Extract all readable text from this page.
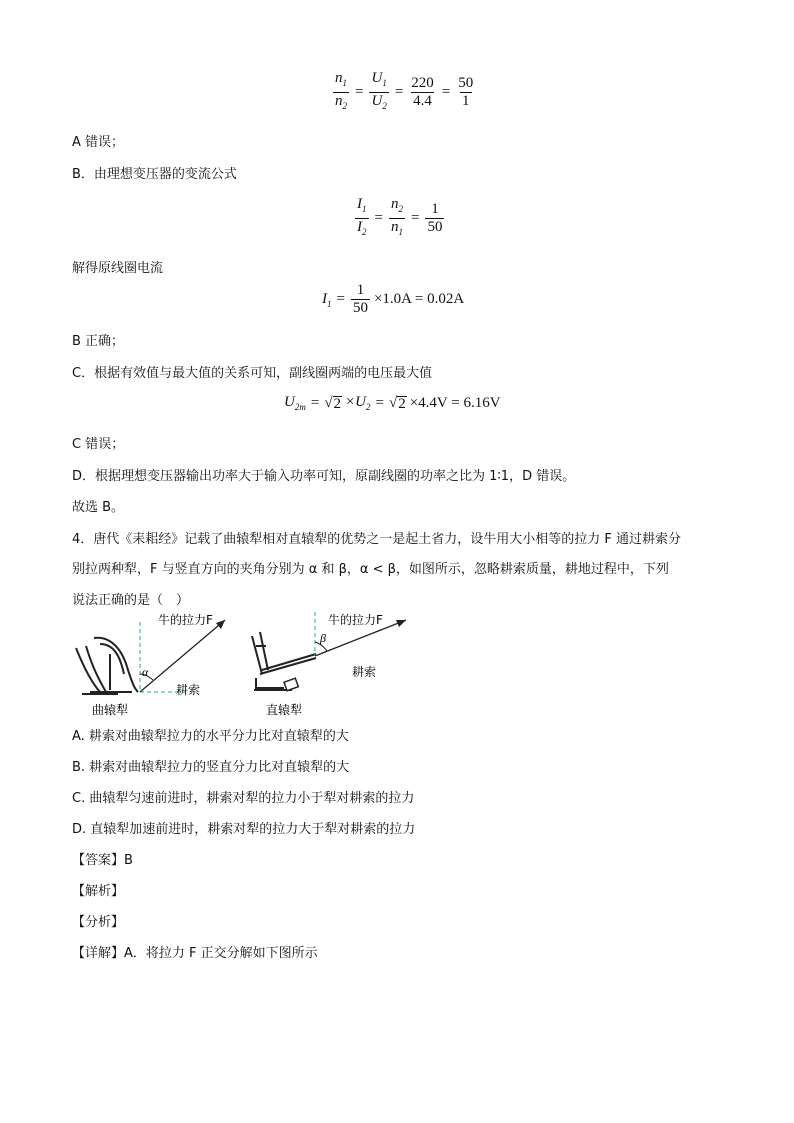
$\frac{n_1}{n_2} = \frac{U_1}{U_2} = \frac{220}{4.4} = \frac{50}{1}$
A 错误；
B．由理想变压器的变流公式
$\frac{I_1}{I_2} = \frac{n_2}{n_1} = \frac{1}{50}$
解得原线圈电流
$I_1 = \frac{1}{50} \times 1.0A = 0.02A$
B 正确；
C．根据有效值与最大值的关系可知，副线圈两端的电压最大值
$U_{2m}$ = √ $2 \times U_2$ = √ 2 ×4.4V = 6.16V
C 错误；
D．根据理想变压器输出功率大于输入功率可知，原副线圈的功率之比为 1∶1，D 错误。
故选 B。
4．唐代《耒耜经》记载了曲辕犁相对直辕犁的优势之一是起土省力，设牛用大小相等的拉力 F 通过耕索分
别拉两种犁，F 与竖直方向的夹角分别为 α 和 β，α < β，如图所示，忽略耕索质量，耕地过程中，下列
说法正确的是（　）
α
牛的拉力F
耕索
曲辕犁
β
牛的拉力F
耕索
直辕犁
A. 耕索对曲辕犁拉力的水平分力比对直辕犁的大
B. 耕索对曲辕犁拉力的竖直分力比对直辕犁的大
C. 曲辕犁匀速前进时，耕索对犁的拉力小于犁对耕索的拉力
D. 直辕犁加速前进时，耕索对犁的拉力大于犁对耕索的拉力
【答案】B
【解析】
【分析】
【详解】A．将拉力 F 正交分解如下图所示
